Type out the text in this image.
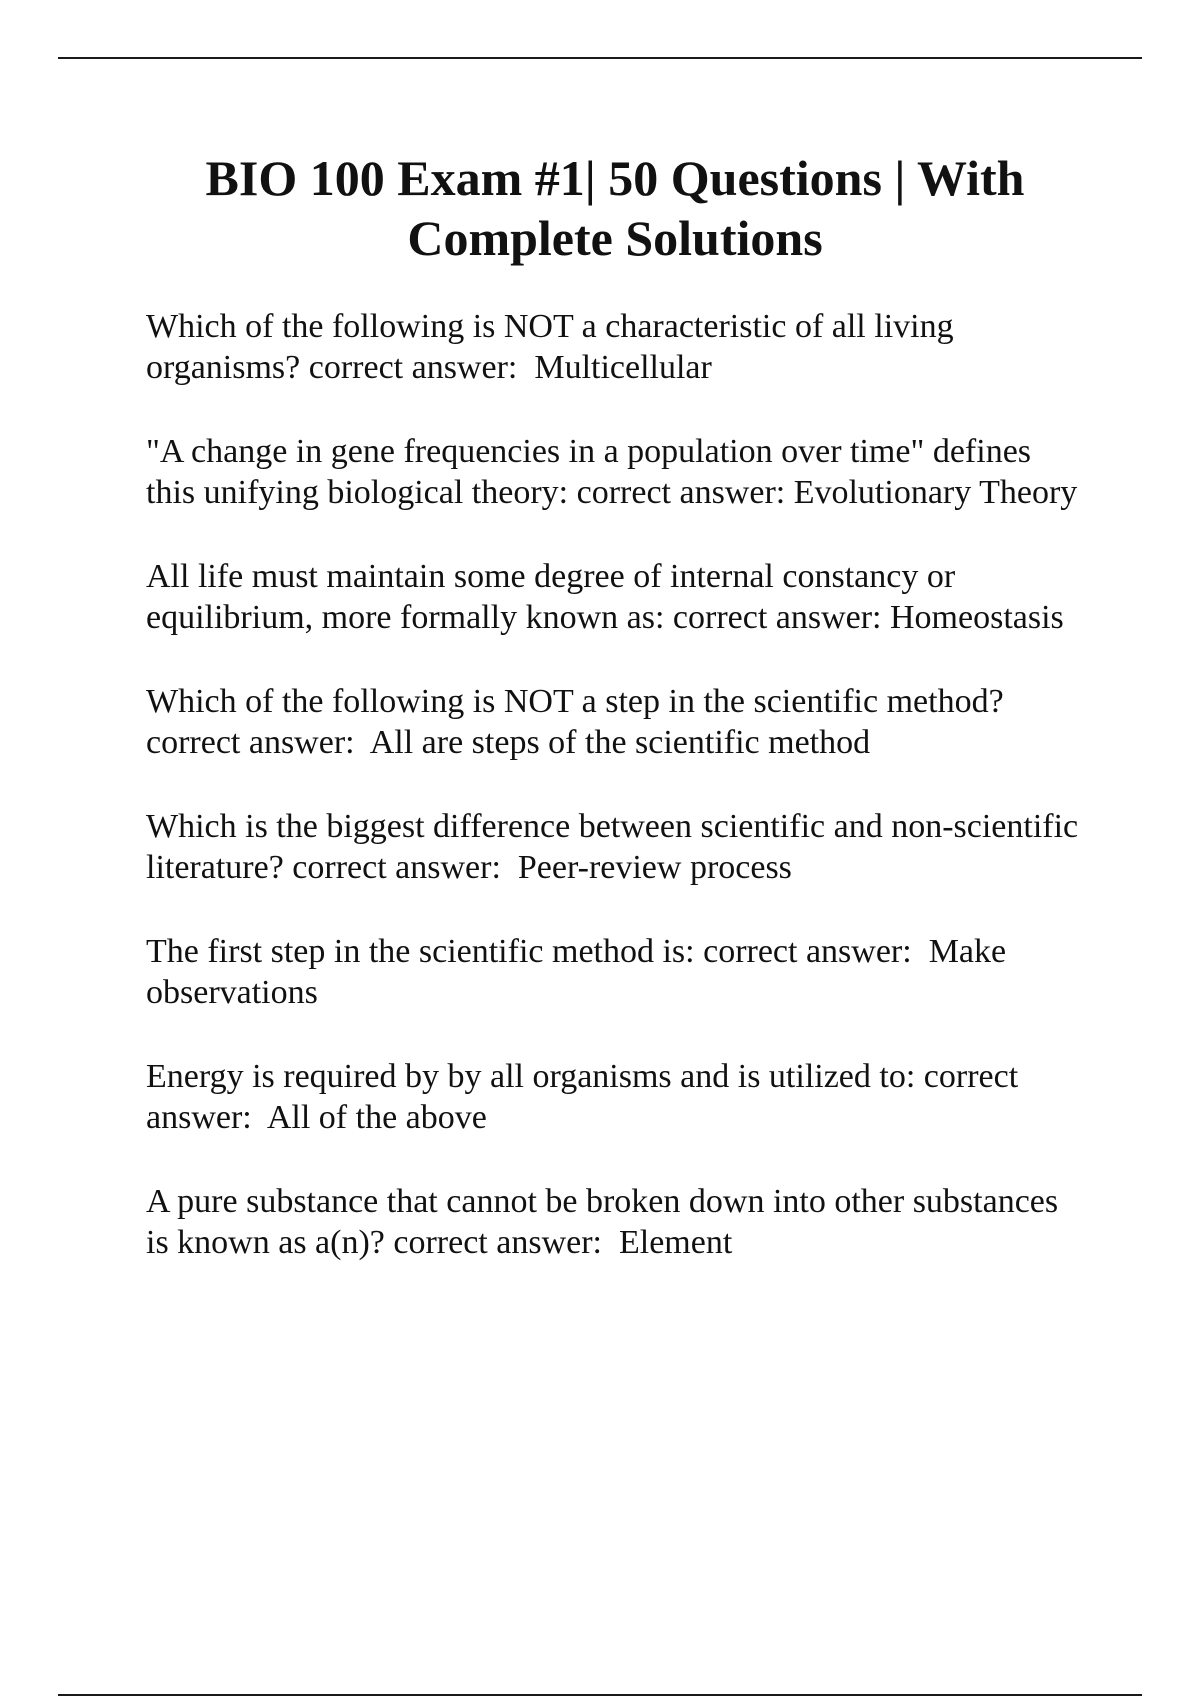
BIO 100 Exam #1| 50 Questions | With Complete Solutions
Which of the following is NOT a characteristic of all living organisms? correct answer:  Multicellular
"A change in gene frequencies in a population over time" defines this unifying biological theory: correct answer: Evolutionary Theory
All life must maintain some degree of internal constancy or equilibrium, more formally known as: correct answer: Homeostasis
Which of the following is NOT a step in the scientific method? correct answer:  All are steps of the scientific method
Which is the biggest difference between scientific and non-scientific literature? correct answer:  Peer-review process
The first step in the scientific method is: correct answer:  Make observations
Energy is required by by all organisms and is utilized to: correct answer:  All of the above
A pure substance that cannot be broken down into other substances is known as a(n)? correct answer:  Element
